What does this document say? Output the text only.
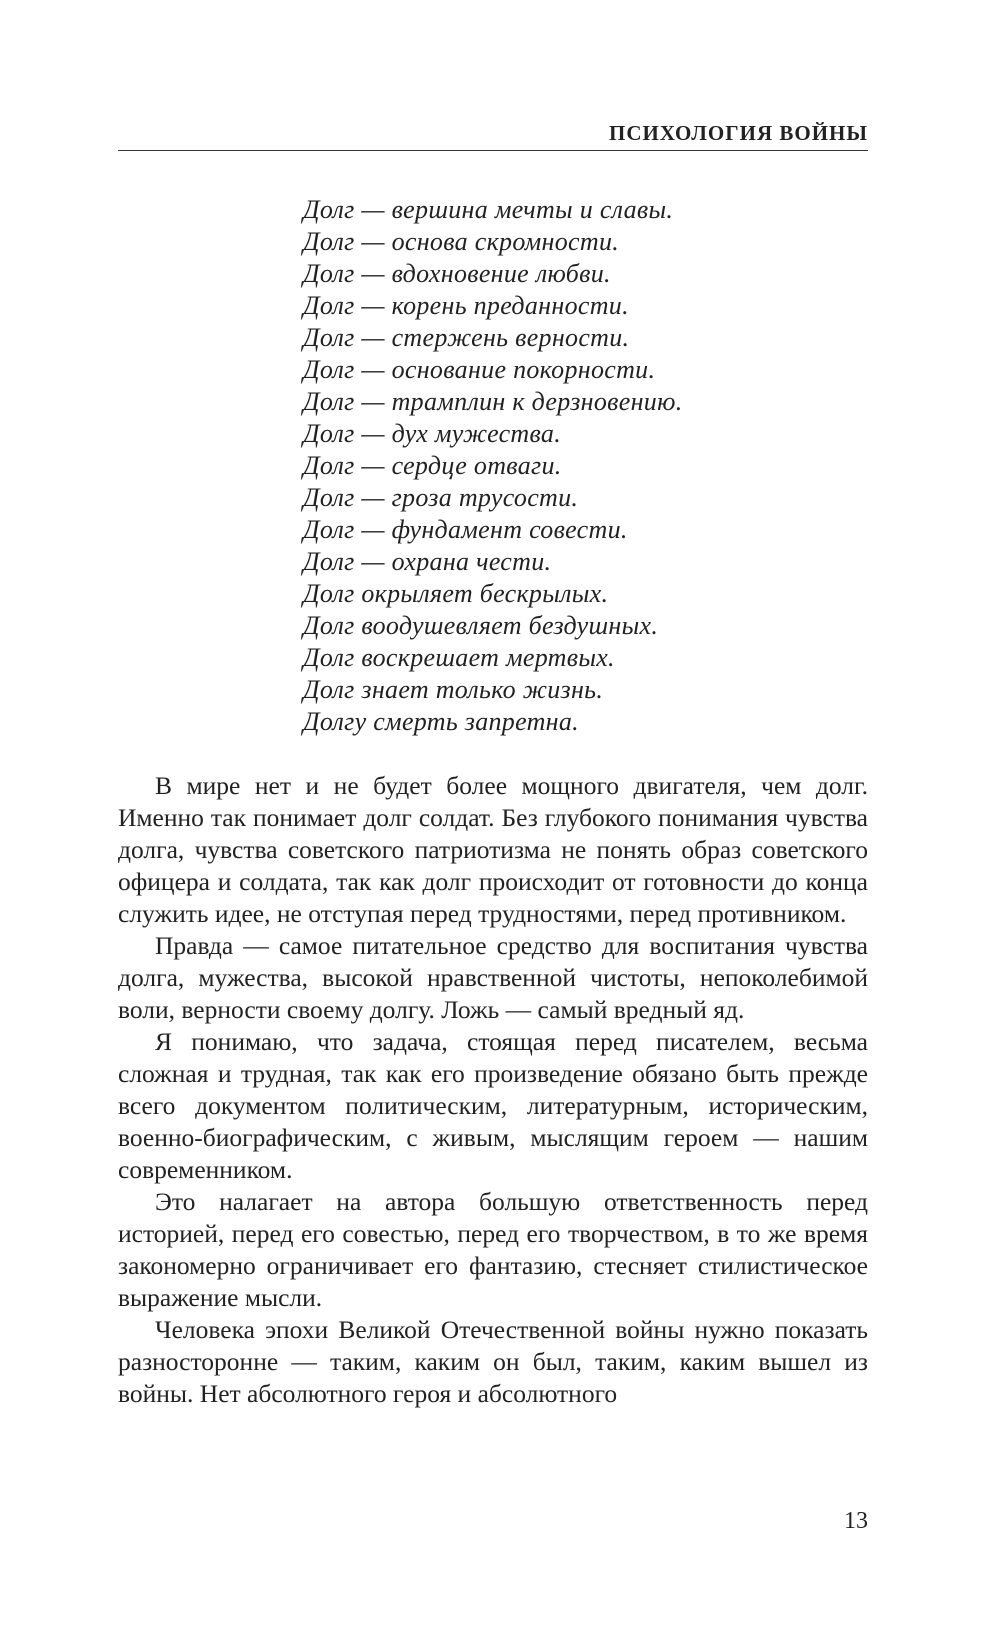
ПСИХОЛОГИЯ ВОЙНЫ
Долг — вершина мечты и славы.
Долг — основа скромности.
Долг — вдохновение любви.
Долг — корень преданности.
Долг — стержень верности.
Долг — основание покорности.
Долг — трамплин к дерзновению.
Долг — дух мужества.
Долг — сердце отваги.
Долг — гроза трусости.
Долг — фундамент совести.
Долг — охрана чести.
Долг окрыляет бескрылых.
Долг воодушевляет бездушных.
Долг воскрешает мертвых.
Долг знает только жизнь.
Долгу смерть запретна.

В мире нет и не будет более мощного двигателя, чем долг. Именно так понимает долг солдат. Без глубокого понимания чувства долга, чувства советского патриотизма не понять образ советского офицера и солдата, так как долг происходит от готовности до конца служить идее, не отступая перед трудностями, перед противником.

Правда — самое питательное средство для воспитания чувства долга, мужества, высокой нравственной чистоты, непоколебимой воли, верности своему долгу. Ложь — самый вредный яд.

Я понимаю, что задача, стоящая перед писателем, весьма сложная и трудная, так как его произведение обязано быть прежде всего документом политическим, литературным, историческим, военно-биографическим, с живым, мыслящим героем — нашим современником.

Это налагает на автора большую ответственность перед историей, перед его совестью, перед его творчеством, в то же время закономерно ограничивает его фантазию, стесняет стилистическое выражение мысли.

Человека эпохи Великой Отечественной войны нужно показать разносторонне — таким, каким он был, таким, каким вышел из войны. Нет абсолютного героя и абсолютного

13
